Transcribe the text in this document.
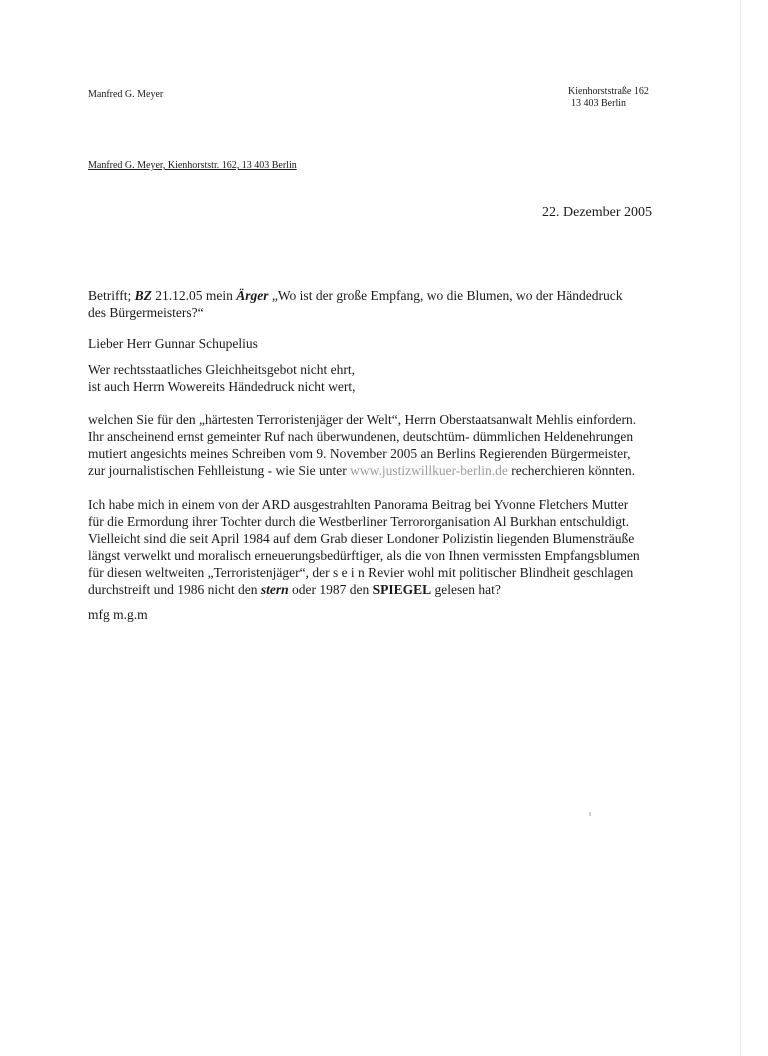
Manfred G. Meyer	Kienhorststraße 162
13 403 Berlin
Manfred G. Meyer, Kienhorststr. 162, 13 403 Berlin
22. Dezember 2005
Betrifft; BZ 21.12.05 mein Ärger „Wo ist der große Empfang, wo die Blumen, wo der Händedruck
des Bürgermeisters?“
Lieber Herr Gunnar Schupelius
Wer rechtsstaatliches Gleichheitsgebot nicht ehrt,
ist auch Herrn Wowereits Händedruck nicht wert,
welchen Sie für den „härtesten Terroristenjäger der Welt“, Herrn Oberstaatsanwalt Mehlis einfordern.
Ihr anscheinend ernst gemeinter Ruf nach überwundenen, deutschtüm- dümmlichen Heldenehrungen
mutiert angesichts meines Schreiben vom 9. November 2005 an Berlins Regierenden Bürgermeister,
zur journalistischen Fehlleistung - wie Sie unter www.justizwillkuer-berlin.de recherchieren könnten.
Ich habe mich in einem von der ARD ausgestrahlten Panorama Beitrag bei Yvonne Fletchers Mutter
für die Ermordung ihrer Tochter durch die Westberliner Terrororganisation Al Burkhan entschuldigt.
Vielleicht sind die seit April 1984 auf dem Grab dieser Londoner Polizistin liegenden Blumensträuße
längst verwelkt und moralisch erneuerungsbedürftiger, als die von Ihnen vermissten Empfangsblumen
für diesen weltweiten „Terroristenjäger“, der s e i n Revier wohl mit politischer Blindheit geschlagen
durchstreift und 1986 nicht den stern oder 1987 den SPIEGEL gelesen hat?
mfg m.g.m
